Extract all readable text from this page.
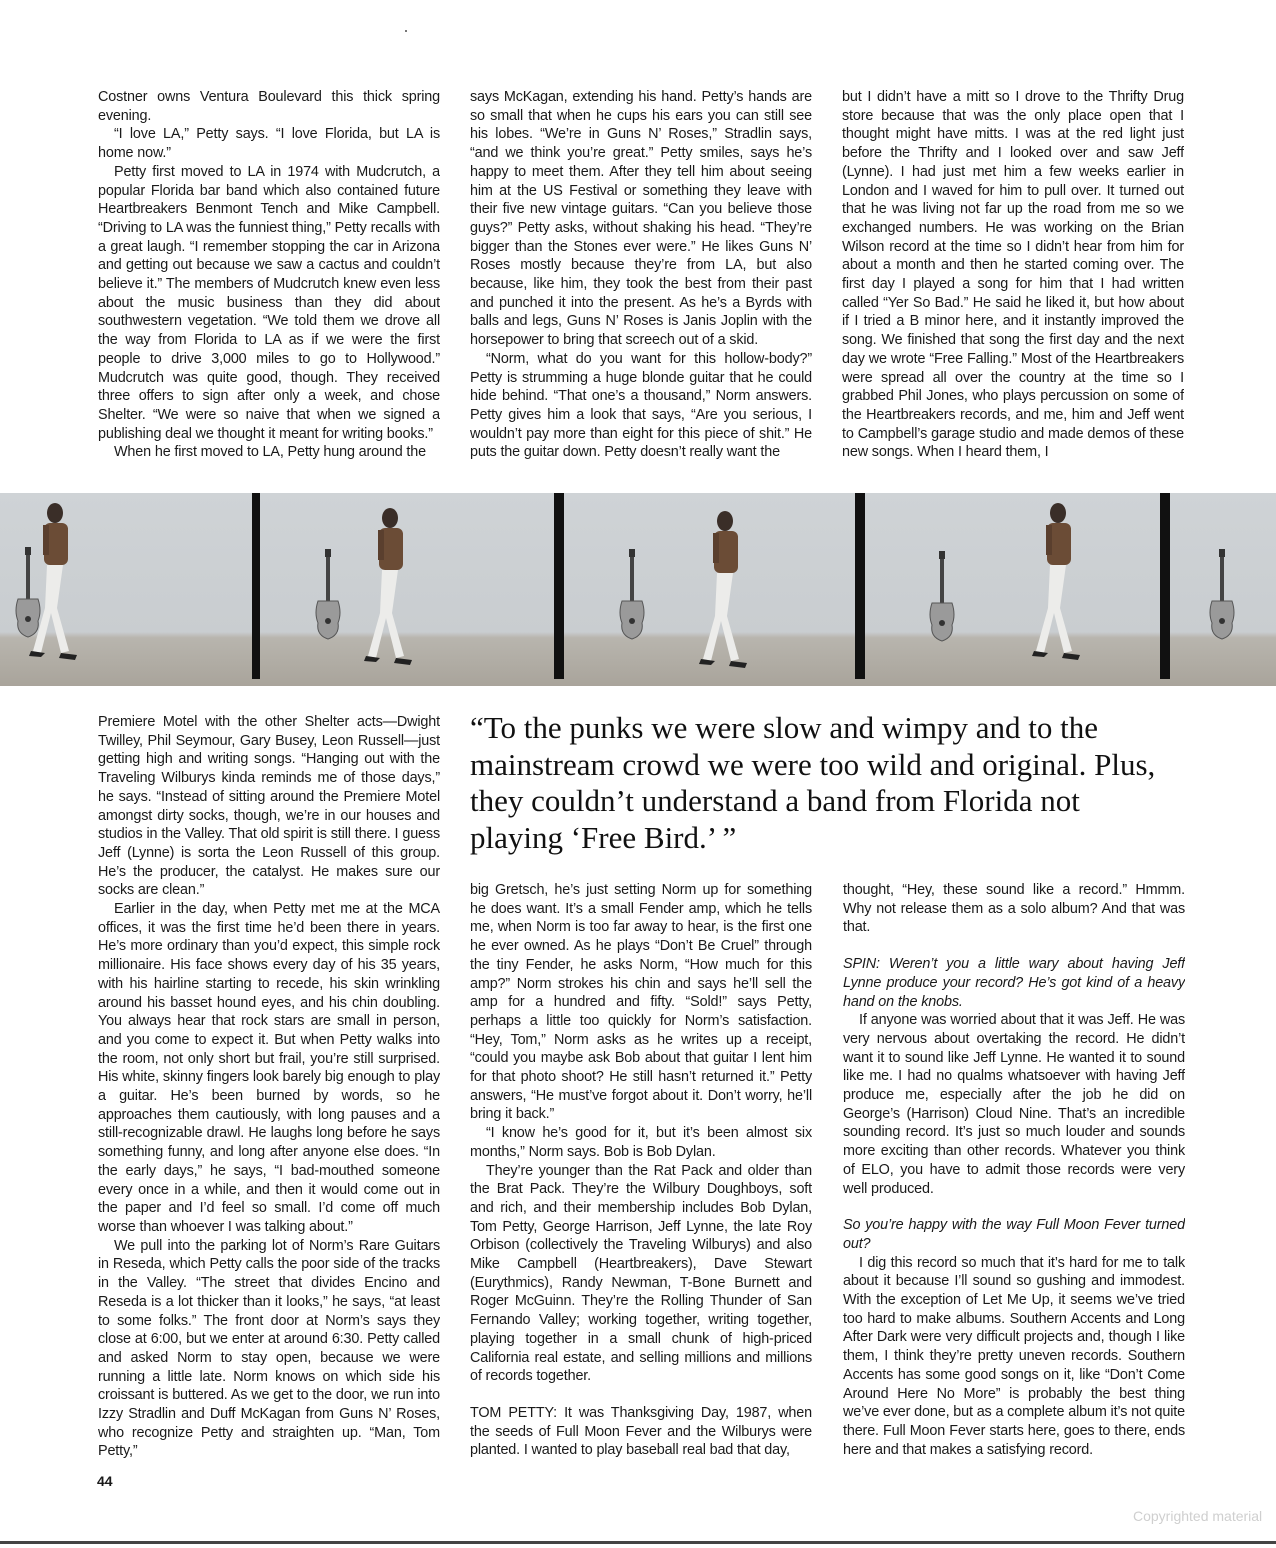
Costner owns Ventura Boulevard this thick spring evening.

“I love LA,” Petty says. “I love Florida, but LA is home now.”

Petty first moved to LA in 1974 with Mudcrutch, a popular Florida bar band which also contained future Heartbreakers Benmont Tench and Mike Campbell. “Driving to LA was the funniest thing,” Petty recalls with a great laugh. “I remember stopping the car in Arizona and getting out because we saw a cactus and couldn’t believe it.” The members of Mudcrutch knew even less about the music business than they did about southwestern vegetation. “We told them we drove all the way from Florida to LA as if we were the first people to drive 3,000 miles to go to Hollywood.” Mudcrutch was quite good, though. They received three offers to sign after only a week, and chose Shelter. “We were so naive that when we signed a publishing deal we thought it meant for writing books.”

When he first moved to LA, Petty hung around the

says McKagan, extending his hand. Petty’s hands are so small that when he cups his ears you can still see his lobes. “We’re in Guns N’ Roses,” Stradlin says, “and we think you’re great.” Petty smiles, says he’s happy to meet them. After they tell him about seeing him at the US Festival or something they leave with their five new vintage guitars. “Can you believe those guys?” Petty asks, without shaking his head. “They’re bigger than the Stones ever were.” He likes Guns N’ Roses mostly because they’re from LA, but also because, like him, they took the best from their past and punched it into the present. As he’s a Byrds with balls and legs, Guns N’ Roses is Janis Joplin with the horsepower to bring that screech out of a skid.

“Norm, what do you want for this hollow-body?” Petty is strumming a huge blonde guitar that he could hide behind. “That one’s a thousand,” Norm answers. Petty gives him a look that says, “Are you serious, I wouldn’t pay more than eight for this piece of shit.” He puts the guitar down. Petty doesn’t really want the

but I didn’t have a mitt so I drove to the Thrifty Drug store because that was the only place open that I thought might have mitts. I was at the red light just before the Thrifty and I looked over and saw Jeff (Lynne). I had just met him a few weeks earlier in London and I waved for him to pull over. It turned out that he was living not far up the road from me so we exchanged numbers. He was working on the Brian Wilson record at the time so I didn’t hear from him for about a month and then he started coming over. The first day I played a song for him that I had written called “Yer So Bad.” He said he liked it, but how about if I tried a B minor here, and it instantly improved the song. We finished that song the first day and the next day we wrote “Free Falling.” Most of the Heartbreakers were spread all over the country at the time so I grabbed Phil Jones, who plays percussion on some of the Heartbreakers records, and me, him and Jeff went to Campbell’s garage studio and made demos of these new songs. When I heard them, I

Premiere Motel with the other Shelter acts—Dwight Twilley, Phil Seymour, Gary Busey, Leon Russell—just getting high and writing songs. “Hanging out with the Traveling Wilburys kinda reminds me of those days,” he says. “Instead of sitting around the Premiere Motel amongst dirty socks, though, we’re in our houses and studios in the Valley. That old spirit is still there. I guess Jeff (Lynne) is sorta the Leon Russell of this group. He’s the producer, the catalyst. He makes sure our socks are clean.”

Earlier in the day, when Petty met me at the MCA offices, it was the first time he’d been there in years. He’s more ordinary than you’d expect, this simple rock millionaire. His face shows every day of his 35 years, with his hairline starting to recede, his skin wrinkling around his basset hound eyes, and his chin doubling. You always hear that rock stars are small in person, and you come to expect it. But when Petty walks into the room, not only short but frail, you’re still surprised. His white, skinny fingers look barely big enough to play a guitar. He’s been burned by words, so he approaches them cautiously, with long pauses and a still-recognizable drawl. He laughs long before he says something funny, and long after anyone else does. “In the early days,” he says, “I bad-mouthed someone every once in a while, and then it would come out in the paper and I’d feel so small. I’d come off much worse than whoever I was talking about.”

We pull into the parking lot of Norm’s Rare Guitars in Reseda, which Petty calls the poor side of the tracks in the Valley. “The street that divides Encino and Reseda is a lot thicker than it looks,” he says, “at least to some folks.” The front door at Norm’s says they close at 6:00, but we enter at around 6:30. Petty called and asked Norm to stay open, because we were running a little late. Norm knows on which side his croissant is buttered. As we get to the door, we run into Izzy Stradlin and Duff McKagan from Guns N’ Roses, who recognize Petty and straighten up. “Man, Tom Petty,”

“To the punks we were slow and wimpy and to the mainstream crowd we were too wild and original. Plus, they couldn’t understand a band from Florida not playing ‘Free Bird.’ ”

big Gretsch, he’s just setting Norm up for something he does want. It’s a small Fender amp, which he tells me, when Norm is too far away to hear, is the first one he ever owned. As he plays “Don’t Be Cruel” through the tiny Fender, he asks Norm, “How much for this amp?” Norm strokes his chin and says he’ll sell the amp for a hundred and fifty. “Sold!” says Petty, perhaps a little too quickly for Norm’s satisfaction. “Hey, Tom,” Norm asks as he writes up a receipt, “could you maybe ask Bob about that guitar I lent him for that photo shoot? He still hasn’t returned it.” Petty answers, “He must’ve forgot about it. Don’t worry, he’ll bring it back.”

“I know he’s good for it, but it’s been almost six months,” Norm says. Bob is Bob Dylan.

They’re younger than the Rat Pack and older than the Brat Pack. They’re the Wilbury Doughboys, soft and rich, and their membership includes Bob Dylan, Tom Petty, George Harrison, Jeff Lynne, the late Roy Orbison (collectively the Traveling Wilburys) and also Mike Campbell (Heartbreakers), Dave Stewart (Eurythmics), Randy Newman, T-Bone Burnett and Roger McGuinn. They’re the Rolling Thunder of San Fernando Valley; working together, writing together, playing together in a small chunk of high-priced California real estate, and selling millions and millions of records together.

TOM PETTY: It was Thanksgiving Day, 1987, when the seeds of Full Moon Fever and the Wilburys were planted. I wanted to play baseball real bad that day,

thought, “Hey, these sound like a record.” Hmmm. Why not release them as a solo album? And that was that.

SPIN: Weren’t you a little wary about having Jeff Lynne produce your record? He’s got kind of a heavy hand on the knobs.

If anyone was worried about that it was Jeff. He was very nervous about overtaking the record. He didn’t want it to sound like Jeff Lynne. He wanted it to sound like me. I had no qualms whatsoever with having Jeff produce me, especially after the job he did on George’s (Harrison) Cloud Nine. That’s an incredible sounding record. It’s just so much louder and sounds more exciting than other records. Whatever you think of ELO, you have to admit those records were very well produced.

So you’re happy with the way Full Moon Fever turned out?

I dig this record so much that it’s hard for me to talk about it because I’ll sound so gushing and immodest. With the exception of Let Me Up, it seems we’ve tried too hard to make albums. Southern Accents and Long After Dark were very difficult projects and, though I like them, I think they’re pretty uneven records. Southern Accents has some good songs on it, like “Don’t Come Around Here No More” is probably the best thing we’ve ever done, but as a complete album it’s not quite there. Full Moon Fever starts here, goes to there, ends here and that makes a satisfying record.

44
Copyrighted material
